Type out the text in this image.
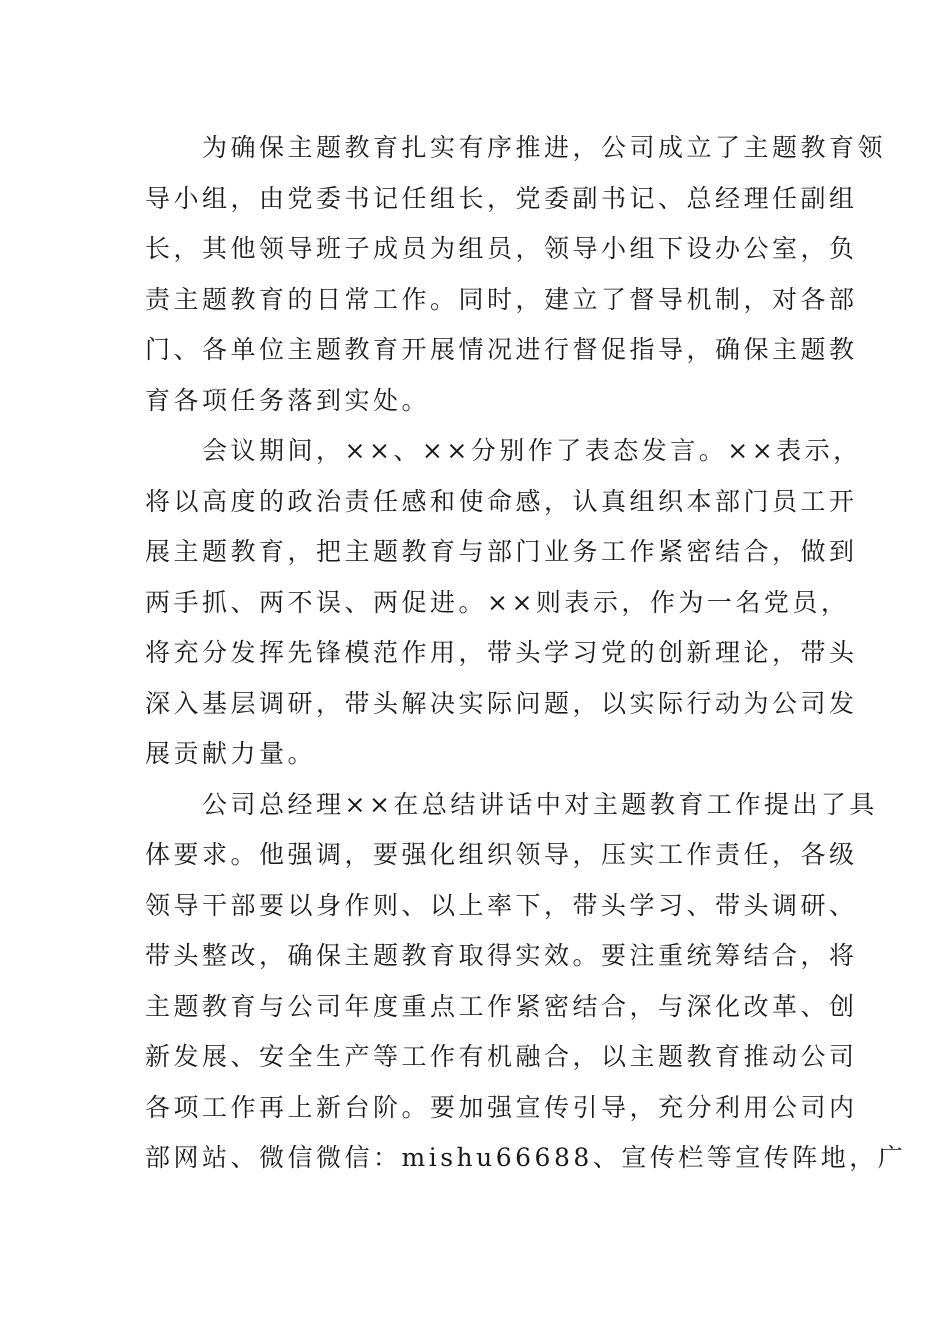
　　为确保主题教育扎实有序推进，公司成立了主题教育领
导小组，由党委书记任组长，党委副书记、总经理任副组
长，其他领导班子成员为组员，领导小组下设办公室，负
责主题教育的日常工作。同时，建立了督导机制，对各部
门、各单位主题教育开展情况进行督促指导，确保主题教
育各项任务落到实处。
　　会议期间，××、××分别作了表态发言。××表示，
将以高度的政治责任感和使命感，认真组织本部门员工开
展主题教育，把主题教育与部门业务工作紧密结合，做到
两手抓、两不误、两促进。××则表示，作为一名党员，
将充分发挥先锋模范作用，带头学习党的创新理论，带头
深入基层调研，带头解决实际问题，以实际行动为公司发
展贡献力量。
　　公司总经理××在总结讲话中对主题教育工作提出了具
体要求。他强调，要强化组织领导，压实工作责任，各级
领导干部要以身作则、以上率下，带头学习、带头调研、
带头整改，确保主题教育取得实效。要注重统筹结合，将
主题教育与公司年度重点工作紧密结合，与深化改革、创
新发展、安全生产等工作有机融合，以主题教育推动公司
各项工作再上新台阶。要加强宣传引导，充分利用公司内
部网站、微信微信：mishu66688、宣传栏等宣传阵地，广
